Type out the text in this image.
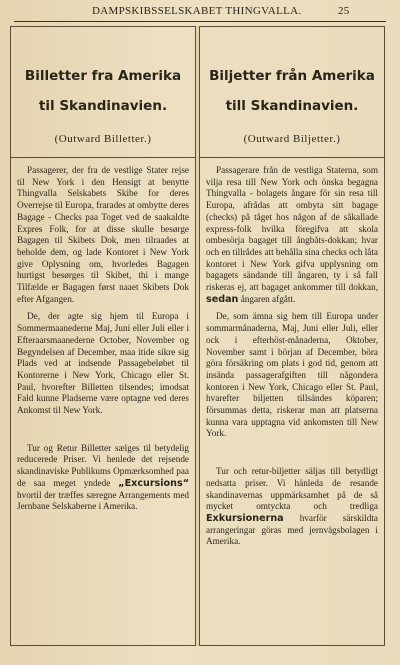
DAMPSKIBSSELSKABET THINGVALLA.	25
Billetter fra Amerika
til Skandinavien.
(Outward Billetter.)

Passagerer, der fra de vestlige Stater rejse til New York i den Hensigt at benytte Thingvalla Selskabets Skibe for deres Overrejse til Europa, frarades at ombytte deres Bagage - Checks paa Toget ved de saakaldte Expres Folk, for at disse skulle besørge Bagagen til Skibets Dok, men tilraades at beholde dem, og lade Kontoret i New York give Oplysning om, hvorledes Bagagen hurtigst besørges til Skibet, thi i mange Tilfælde er Bagagen først naaet Skibets Dok efter Afgangen.

De, der agte sig hjem til Europa i Sommermaanederne Maj, Juni eller Juli eller i Efteraarsmaanederne October, November og Begyndelsen af December, maa itide sikre sig Plads ved at indsende Passagebeløbet til Kontorerne i New York, Chicago eller St. Paul, hvorefter Billetten tilsendes; imodsat Fald kunne Pladserne være optagne ved deres Ankomst til New York.

Tur og Retur Billetter sælges til betydelig reducerede Priser. Vi henlede det rejsende skandinaviske Publikums Opmærksomhed paa de saa meget yndede „Excursions“ hvortil der træffes særegne Arrangements med Jernbane Selskaberne i Amerika.

Biljetter från Amerika
till Skandinavien.
(Outward Biljetter.)

Passagerare från de vestliga Staterna, som vilja resa till New York och önska begagna Thingvalla - bolagets ångare för sin resa till Europa, afrådas att ombyta sitt bagage (checks) på tåget hos någon af de såkallade express-folk hvilka föregifva att skola ombesörja bagaget till ångbåts-dokkan; hvar och en tillrådes att behålla sina checks och låta kontoret i New York gifva upplysning om bagagets sändande till ångaren, ty i så fall riskeras ej, att bagaget ankommer till dokkan, sedan ångaren afgått.

De, som ämna sig hem till Europa under sommarmånaderna, Maj, Juni eller Juli, eller ock i efterhöst-månaderna, Oktober, November samt i början af December, böra göra försäkring om plats i god tid, genom att insända passagerafgiften till någondera kontoren i New York, Chicago eller St. Paul, hvarefter biljetten tillsändes köparen; försummas detta, riskerar man att platserna kunna vara upptagna vid ankomsten till New York.

Tur och retur-biljetter säljas till betydligt nedsatta priser. Vi hänleda de resande skandinavernas uppmärksamhet på de så mycket omtyckta och tredliga Exkursionerna hvarför särskildta arrangeringar göras med jernvägsbolagen i Amerika.
